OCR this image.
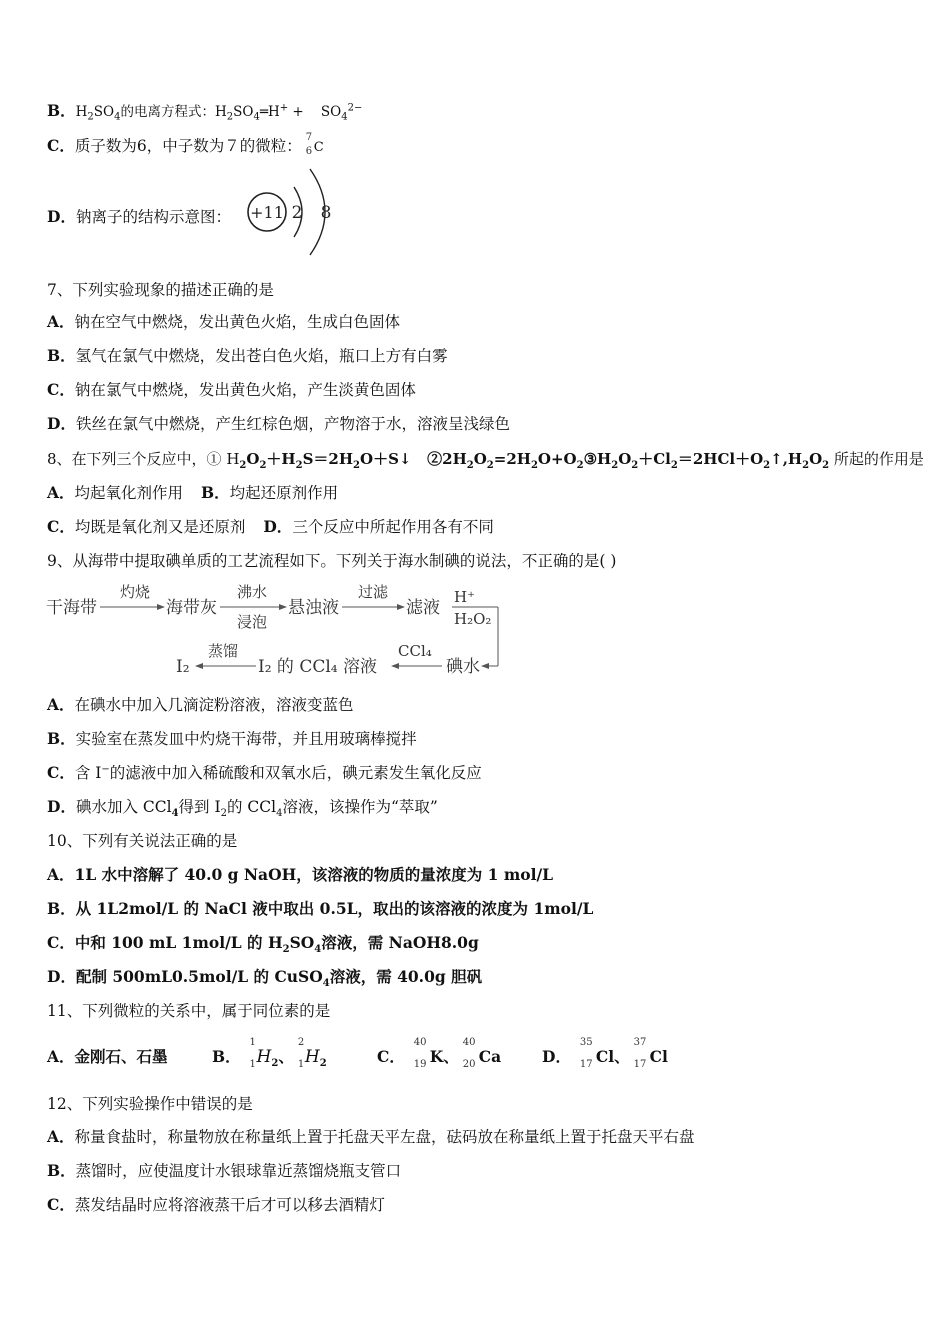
B．$H_2SO_4$的电离方程式：$H_2SO_4═H^+$ +    $SO_4^{2-}$
C．质子数为6，中子数为７的微粒： 7
6 C
D．钠离子的结构示意图： +11 2 8
7、下列实验现象的描述正确的是
A．钠在空气中燃烧，发出黄色火焰，生成白色固体
B．氢气在氯气中燃烧，发出苍白色火焰，瓶口上方有白雾
C．钠在氯气中燃烧，发出黄色火焰，产生淡黄色固体
D．铁丝在氯气中燃烧，产生红棕色烟，产物溶于水，溶液呈浅绿色
8、在下列三个反应中，① $H_2O_2+H_2S=2H_2O+S↓$   $②2H_2O_2=2H_2O+O_2③H_2O_2+Cl_2=2HCl+O_2↑,H_2O_2$ 所起的作用是
A．均起氧化剂作用 B．均起还原剂作用
C．均既是氧化剂又是还原剂 D．三个反应中所起作用各有不同
9、从海带中提取碘单质的工艺流程如下。下列关于海水制碘的说法，不正确的是( )
干海带
灼烧
海带灰
沸水
浸泡
悬浊液
过滤
滤液
H⁺
H₂O₂
碘水
CCl₄
I₂ 的 CCl₄ 溶液
蒸馏
I₂
A．在碘水中加入几滴淀粉溶液，溶液变蓝色
B．实验室在蒸发皿中灼烧干海带，并且用玻璃棒搅拌
C．含 I−的滤液中加入稀硫酸和双氧水后，碘元素发生氧化反应
D．碘水加入 CCl$_4$得到 $I_2$的 CCl$_4$溶液，该操作为“萃取”
10、下列有关说法正确的是
A．1L 水中溶解了 40.0 g NaOH，该溶液的物质的量浓度为 1 mol/L
B．从 1L2mol/L 的 NaCl 液中取出 0.5L，取出的该溶液的浓度为 1mol/L
C．中和 100 mL 1mol/L 的 $H_2SO_4$溶液，需 NaOH8.0g
D．配制 500mL0.5mol/L 的 CuSO$_4$溶液，需 40.0g 胆矾
11、下列微粒的关系中，属于同位素的是
A．金刚石、石墨	B．
1
1 $H_2$、
2
1 $H_2$	C．
40
19 K、
40
20 Ca	D．
35
17 Cl、
37
17 Cl
12、下列实验操作中错误的是
A．称量食盐时，称量物放在称量纸上置于托盘天平左盘，砝码放在称量纸上置于托盘天平右盘
B．蒸馏时，应使温度计水银球靠近蒸馏烧瓶支管口
C．蒸发结晶时应将溶液蒸干后才可以移去酒精灯
